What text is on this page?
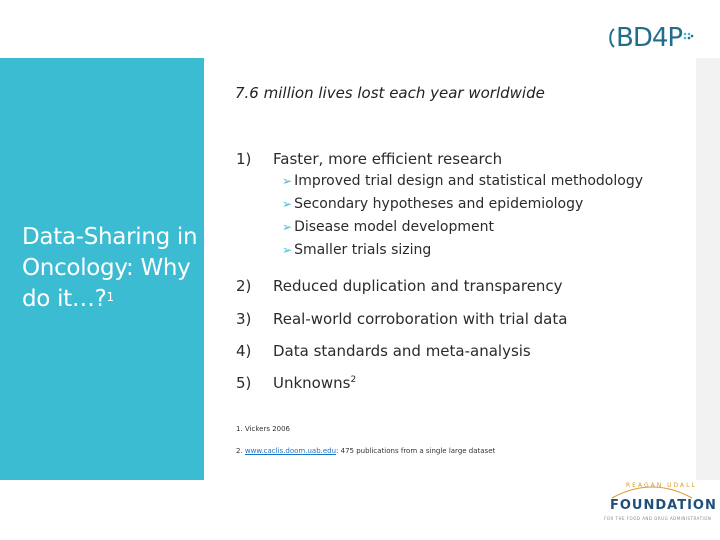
Data-Sharing in Oncology: Why do it…?$^1$
BD4P
7.6 million lives lost each year worldwide
1) Faster, more efficient research
➢ Improved trial design and statistical methodology
➢ Secondary hypotheses and epidemiology
➢ Disease model development
➢ Smaller trials sizing
2) Reduced duplication and transparency
3) Real-world corroboration with trial data
4) Data standards and meta-analysis
5) Unknowns$^2$
1. Vickers 2006
2. www.caclis.doom.uab.edu: 475 publications from a single large dataset
REAGAN UDALL
FOUNDATION
FOR THE FOOD AND DRUG ADMINISTRATION
